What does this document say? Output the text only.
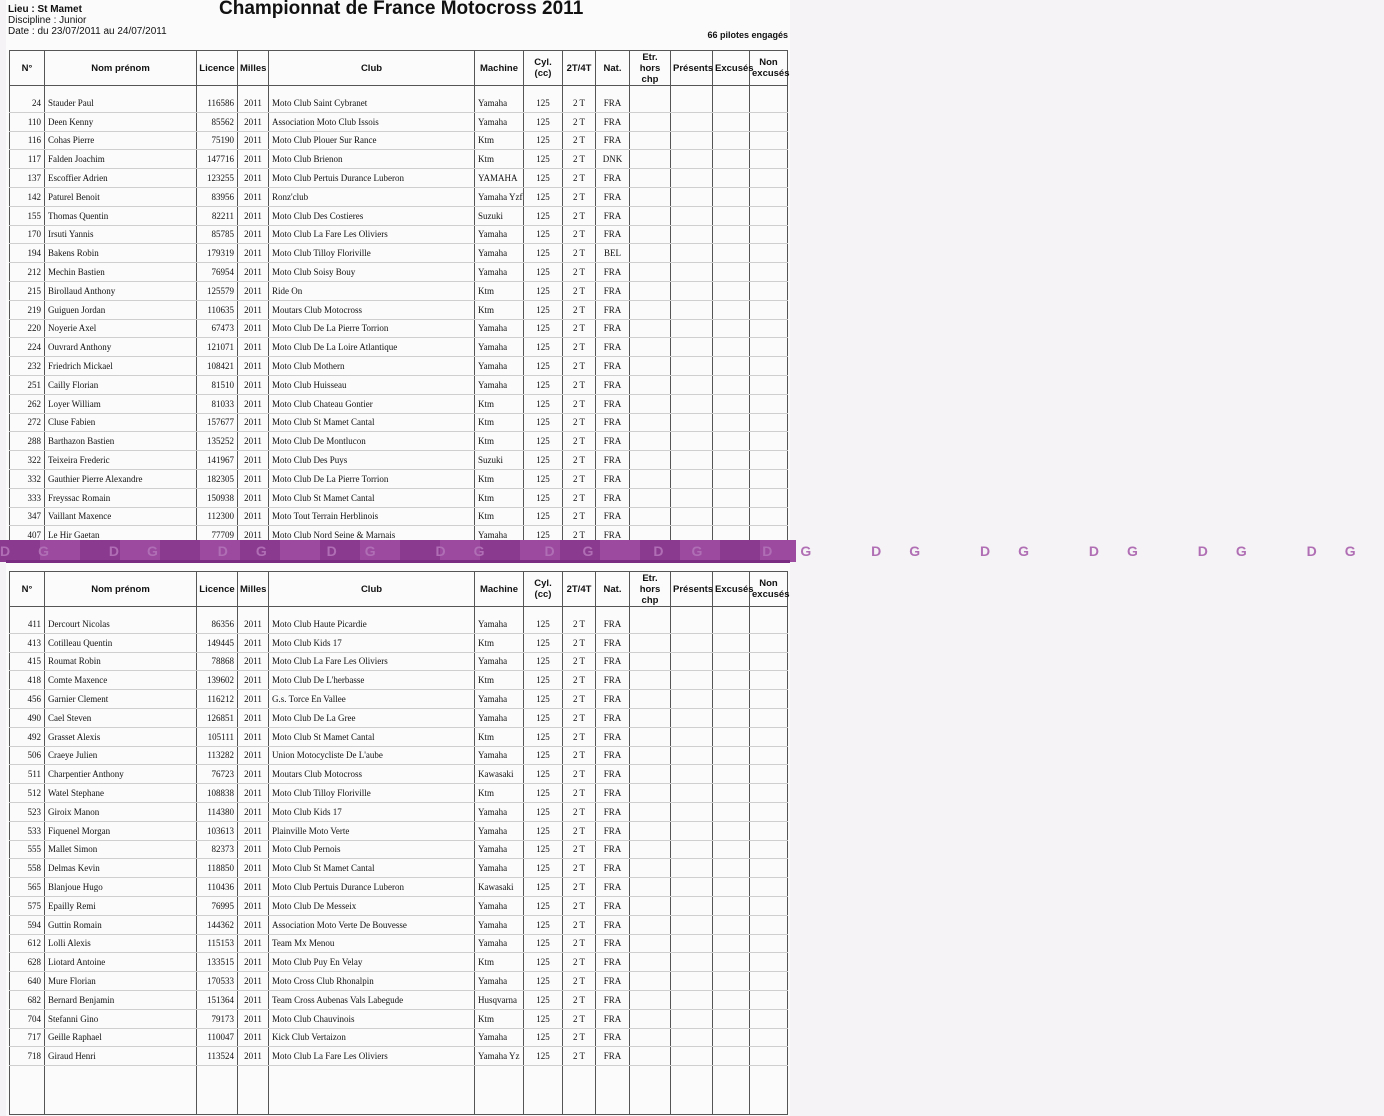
Lieu : St Mamet
Discipline : Junior
Date : du 23/07/2011 au 24/07/2011
Championnat de France Motocross 2011
66 pilotes engagés
N°	Nom prénom	Licence	Milles	Club	Machine	Cyl. (cc)	2T/4T	Nat.	Etr. hors chp	Présents	Excusés	Non excusés

24	Stauder Paul	116586	2011	Moto Club Saint Cybranet	Yamaha	125	2 T	FRA				
110	Deen Kenny	85562	2011	Association Moto Club Issois	Yamaha	125	2 T	FRA				
116	Cohas Pierre	75190	2011	Moto Club Plouer Sur Rance	Ktm	125	2 T	FRA				
117	Falden Joachim	147716	2011	Moto Club Brienon	Ktm	125	2 T	DNK				
137	Escoffier Adrien	123255	2011	Moto Club Pertuis Durance Luberon	YAMAHA	125	2 T	FRA				
142	Paturel Benoit	83956	2011	Ronz'club	Yamaha Yzf	125	2 T	FRA				
155	Thomas Quentin	82211	2011	Moto Club Des Costieres	Suzuki	125	2 T	FRA				
170	Irsuti Yannis	85785	2011	Moto Club La Fare Les Oliviers	Yamaha	125	2 T	FRA				
194	Bakens Robin	179319	2011	Moto Club Tilloy Floriville	Yamaha	125	2 T	BEL				
212	Mechin Bastien	76954	2011	Moto Club Soisy Bouy	Yamaha	125	2 T	FRA				
215	Birollaud Anthony	125579	2011	Ride On	Ktm	125	2 T	FRA				
219	Guiguen Jordan	110635	2011	Moutars Club Motocross	Ktm	125	2 T	FRA				
220	Noyerie Axel	67473	2011	Moto Club De La Pierre Torrion	Yamaha	125	2 T	FRA				
224	Ouvrard Anthony	121071	2011	Moto Club De La Loire Atlantique	Yamaha	125	2 T	FRA				
232	Friedrich Mickael	108421	2011	Moto Club Mothern	Yamaha	125	2 T	FRA				
251	Cailly Florian	81510	2011	Moto Club Huisseau	Yamaha	125	2 T	FRA				
262	Loyer William	81033	2011	Moto Club Chateau Gontier	Ktm	125	2 T	FRA				
272	Cluse Fabien	157677	2011	Moto Club St Mamet Cantal	Ktm	125	2 T	FRA				
288	Barthazon Bastien	135252	2011	Moto Club De Montlucon	Ktm	125	2 T	FRA				
322	Teixeira Frederic	141967	2011	Moto Club Des Puys	Suzuki	125	2 T	FRA				
332	Gauthier Pierre Alexandre	182305	2011	Moto Club De La Pierre Torrion	Ktm	125	2 T	FRA				
333	Freyssac Romain	150938	2011	Moto Club St Mamet Cantal	Ktm	125	2 T	FRA				
347	Vaillant Maxence	112300	2011	Moto Tout Terrain Herblinois	Ktm	125	2 T	FRA				
407	Le Hir Gaetan	77709	2011	Moto Club Nord Seine & Marnais	Yamaha	125	2 T	FRA				
DG DG DG DG DG DG DG DG DG DG DG DG DG
N°	Nom prénom	Licence	Milles	Club	Machine	Cyl. (cc)	2T/4T	Nat.	Etr. hors chp	Présents	Excusés	Non excusés

411	Dercourt Nicolas	86356	2011	Moto Club Haute Picardie	Yamaha	125	2 T	FRA				
413	Cotilleau Quentin	149445	2011	Moto Club Kids 17	Ktm	125	2 T	FRA				
415	Roumat Robin	78868	2011	Moto Club La Fare Les Oliviers	Yamaha	125	2 T	FRA				
418	Comte Maxence	139602	2011	Moto Club De L'herbasse	Ktm	125	2 T	FRA				
456	Garnier Clement	116212	2011	G.s. Torce En Vallee	Yamaha	125	2 T	FRA				
490	Cael Steven	126851	2011	Moto Club De La Gree	Yamaha	125	2 T	FRA				
492	Grasset Alexis	105111	2011	Moto Club St Mamet Cantal	Ktm	125	2 T	FRA				
506	Craeye Julien	113282	2011	Union Motocycliste De L'aube	Yamaha	125	2 T	FRA				
511	Charpentier Anthony	76723	2011	Moutars Club Motocross	Kawasaki	125	2 T	FRA				
512	Watel Stephane	108838	2011	Moto Club Tilloy Floriville	Ktm	125	2 T	FRA				
523	Giroix Manon	114380	2011	Moto Club Kids 17	Yamaha	125	2 T	FRA				
533	Fiquenel Morgan	103613	2011	Plainville Moto Verte	Yamaha	125	2 T	FRA				
555	Mallet Simon	82373	2011	Moto Club Pernois	Yamaha	125	2 T	FRA				
558	Delmas Kevin	118850	2011	Moto Club St Mamet Cantal	Yamaha	125	2 T	FRA				
565	Blanjoue Hugo	110436	2011	Moto Club Pertuis Durance Luberon	Kawasaki	125	2 T	FRA				
575	Epailly Remi	76995	2011	Moto Club De Messeix	Yamaha	125	2 T	FRA				
594	Guttin Romain	144362	2011	Association Moto Verte De Bouvesse	Yamaha	125	2 T	FRA				
612	Lolli Alexis	115153	2011	Team Mx Menou	Yamaha	125	2 T	FRA				
628	Liotard Antoine	133515	2011	Moto Club Puy En Velay	Ktm	125	2 T	FRA				
640	Mure Florian	170533	2011	Moto Cross Club Rhonalpin	Yamaha	125	2 T	FRA				
682	Bernard Benjamin	151364	2011	Team Cross Aubenas Vals Labegude	Husqvarna	125	2 T	FRA				
704	Stefanni Gino	79173	2011	Moto Club Chauvinois	Ktm	125	2 T	FRA				
717	Geille Raphael	110047	2011	Kick Club Vertaizon	Yamaha	125	2 T	FRA				
718	Giraud Henri	113524	2011	Moto Club La Fare Les Oliviers	Yamaha Yz	125	2 T	FRA				
